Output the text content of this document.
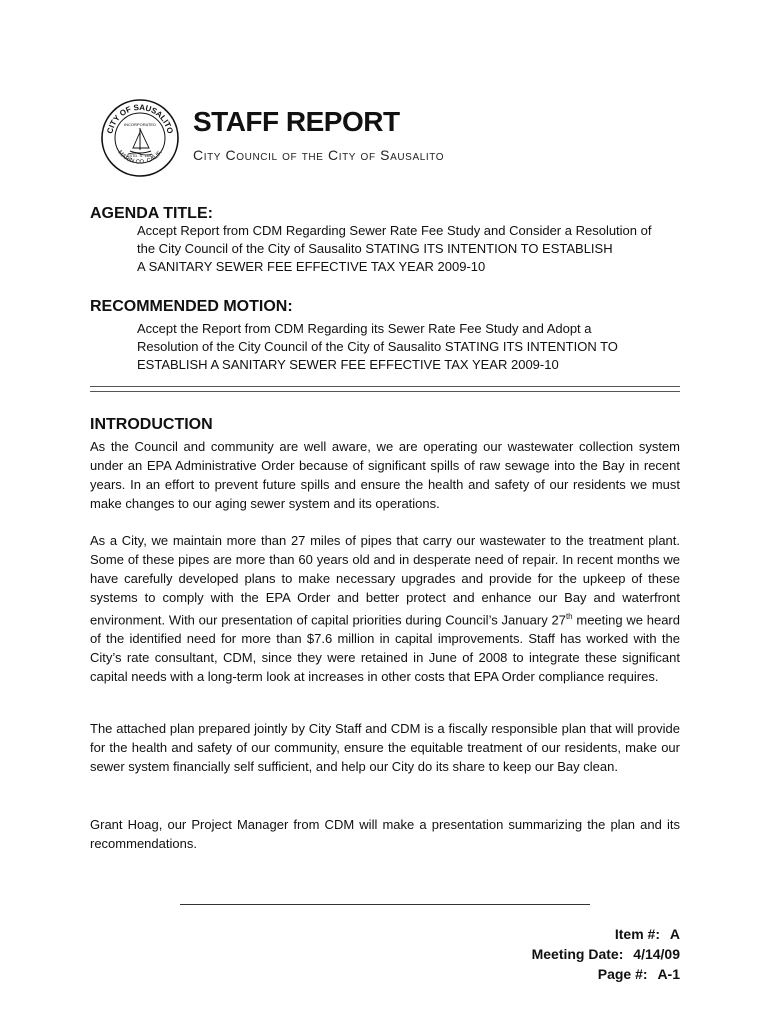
CITY OF SAUSALITO
MARIN CO. CALIF.
INCORPORATED
ESTD. S. 1893
STAFF REPORT
City Council of the City of Sausalito
AGENDA TITLE:
Accept Report from CDM Regarding Sewer Rate Fee Study and Consider a Resolution of
the City Council of the City of Sausalito STATING ITS INTENTION TO ESTABLISH
A SANITARY SEWER FEE EFFECTIVE TAX YEAR 2009-10
RECOMMENDED MOTION:
Accept the Report from CDM Regarding its Sewer Rate Fee Study and Adopt a
Resolution of the City Council of the City of Sausalito STATING ITS INTENTION TO
ESTABLISH A SANITARY SEWER FEE EFFECTIVE TAX YEAR 2009-10
INTRODUCTION

As the Council and community are well aware, we are operating our wastewater collection system under an EPA Administrative Order because of significant spills of raw sewage into the Bay in recent years. In an effort to prevent future spills and ensure the health and safety of our residents we must make changes to our aging sewer system and its operations.

As a City, we maintain more than 27 miles of pipes that carry our wastewater to the treatment plant. Some of these pipes are more than 60 years old and in desperate need of repair. In recent months we have carefully developed plans to make necessary upgrades and provide for the upkeep of these systems to comply with the EPA Order and better protect and enhance our Bay and waterfront environment. With our presentation of capital priorities during Council’s January 27th meeting we heard of the identified need for more than $7.6 million in capital improvements. Staff has worked with the City’s rate consultant, CDM, since they were retained in June of 2008 to integrate these significant capital needs with a long-term look at increases in other costs that EPA Order compliance requires.

The attached plan prepared jointly by City Staff and CDM is a fiscally responsible plan that will provide for the health and safety of our community, ensure the equitable treatment of our residents, make our sewer system financially self sufficient, and help our City do its share to keep our Bay clean.

Grant Hoag, our Project Manager from CDM will make a presentation summarizing the plan and its recommendations.

Item #: A
Meeting Date: 4/14/09
Page #: A-1
